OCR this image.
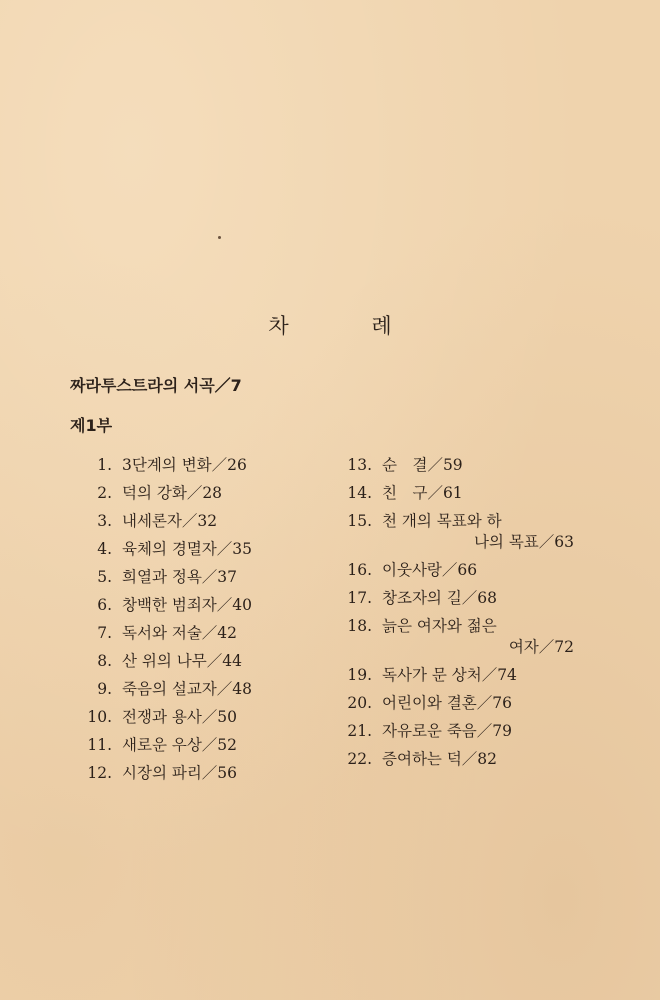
차 례
짜라투스트라의 서곡／7
제1부
1. 3단계의 변화／26
2. 덕의 강화／28
3. 내세론자／32
4. 육체의 경멸자／35
5. 희열과 정욕／37
6. 창백한 범죄자／40
7. 독서와 저술／42
8. 산 위의 나무／44
9. 죽음의 설교자／48
10. 전쟁과 용사／50
11. 새로운 우상／52
12. 시장의 파리／56
13. 순　결／59
14. 친　구／61
15. 천 개의 목표와 하
나의 목표／63
16. 이웃사랑／66
17. 창조자의 길／68
18. 늙은 여자와 젊은
여자／72
19. 독사가 문 상처／74
20. 어린이와 결혼／76
21. 자유로운 죽음／79
22. 증여하는 덕／82
